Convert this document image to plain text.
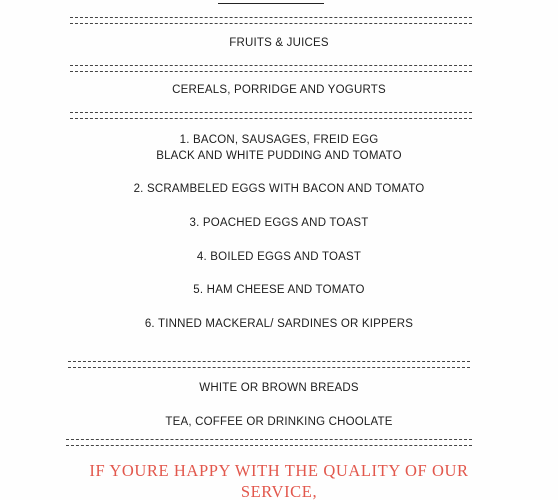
FRUITS & JUICES
CEREALS, PORRIDGE AND YOGURTS
1. BACON, SAUSAGES, FREID EGG
BLACK AND WHITE PUDDING AND TOMATO
2. SCRAMBELED EGGS WITH BACON AND TOMATO
3. POACHED EGGS AND TOAST
4. BOILED EGGS AND TOAST
5. HAM CHEESE AND TOMATO
6. TINNED MACKERAL/ SARDINES OR KIPPERS
WHITE OR BROWN BREADS
TEA, COFFEE OR DRINKING CHOOLATE
IF YOURE HAPPY WITH THE QUALITY OF OUR
SERVICE,
